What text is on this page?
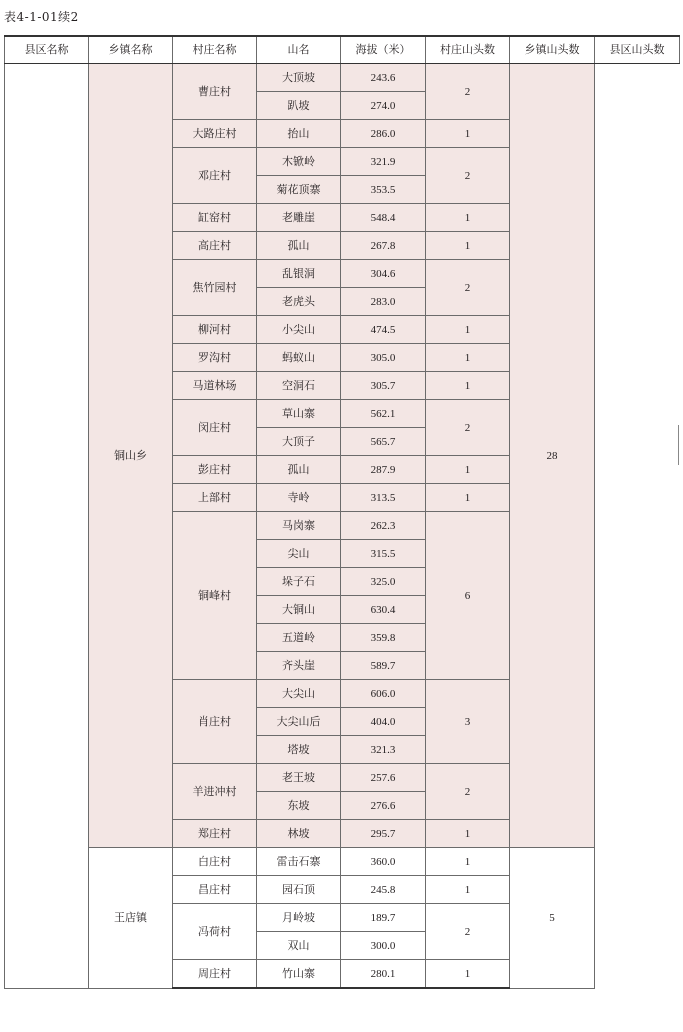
表4-1-01续2
县区名称	乡镇名称	村庄名称	山名	海拔（米）	村庄山头数	乡镇山头数	县区山头数
	铜山乡	曹庄村	大顶坡	243.6	2	28	
			趴坡	274.0			
		大路庄村	抬山	286.0	1		
		邓庄村	木锨岭	321.9	2		
			菊花顶寨	353.5			
		缸窑村	老雕崖	548.4	1		
		高庄村	孤山	267.8	1		
		焦竹园村	乱银洞	304.6	2		
			老虎头	283.0			
		柳河村	小尖山	474.5	1		
		罗沟村	蚂蚁山	305.0	1		
		马道林场	空洞石	305.7	1		
		闵庄村	草山寨	562.1	2		
			大顶子	565.7			
		彭庄村	孤山	287.9	1		
		上部村	寺岭	313.5	1		
		铜峰村	马岗寨	262.3	6		
			尖山	315.5			
			垛子石	325.0			
			大铜山	630.4			
			五道岭	359.8			
			齐头崖	589.7			
		肖庄村	大尖山	606.0	3		
			大尖山后	404.0			
			塔坡	321.3			
		羊进冲村	老王坡	257.6	2		
			东坡	276.6			
		郑庄村	林坡	295.7	1		
	王店镇	白庄村	雷击石寨	360.0	1	5	
		昌庄村	园石顶	245.8	1		
		冯荷村	月岭坡	189.7	2		
			双山	300.0			
		周庄村	竹山寨	280.1	1		
